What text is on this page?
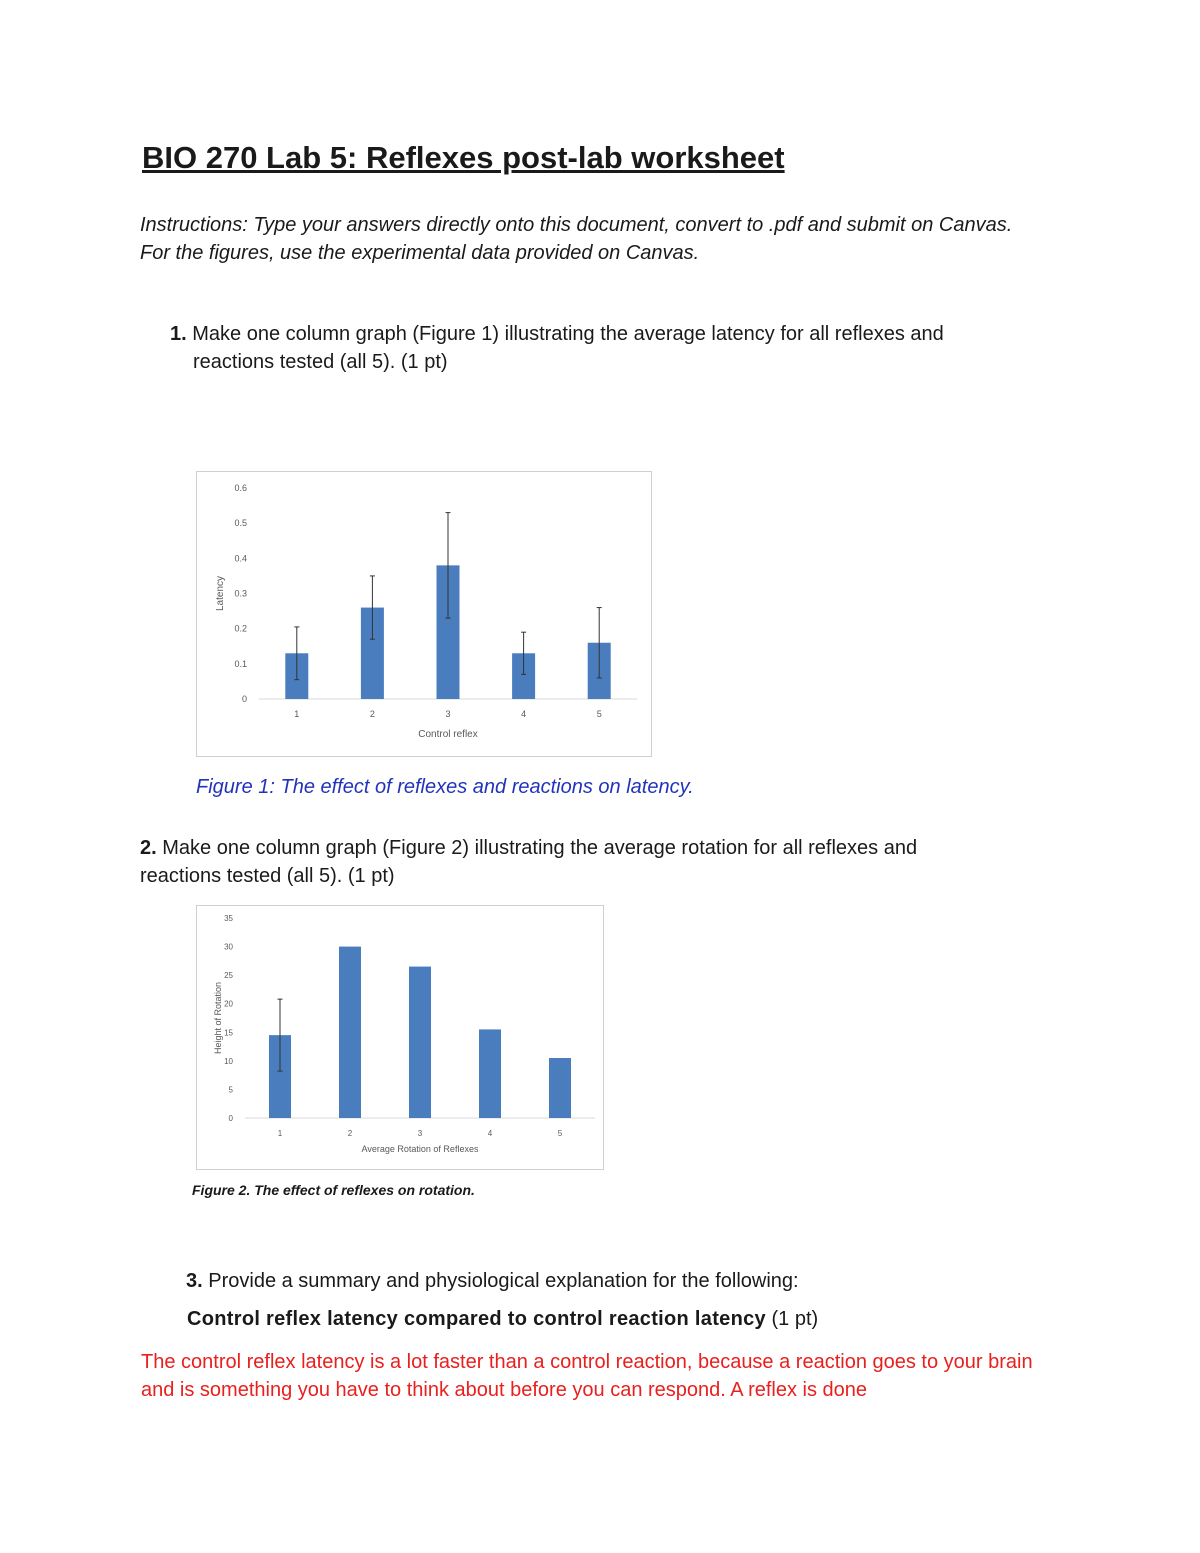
BIO 270 Lab 5: Reflexes post-lab worksheet
Instructions: Type your answers directly onto this document, convert to .pdf and submit on Canvas. For the figures, use the experimental data provided on Canvas.
1. Make one column graph (Figure 1) illustrating the average latency for all reflexes and
reactions tested (all 5). (1 pt)
0
0.1
0.2
0.3
0.4
0.5
0.6
1	2	3	4	5
Control reflex
Latency
Figure 1: The effect of reflexes and reactions on latency.
2. Make one column graph (Figure 2) illustrating the average rotation for all reflexes and
reactions tested (all 5). (1 pt)
0
5
10
15
20
25
30
35
1	2	3	4	5
Average Rotation of Reflexes
Height of Rotation
Figure 2. The effect of reflexes on rotation.
3. Provide a summary and physiological explanation for the following:
Control reflex latency compared to control reaction latency (1 pt)
The control reflex latency is a lot faster than a control reaction, because a reaction goes to your brain and is something you have to think about before you can respond. A reflex is done
